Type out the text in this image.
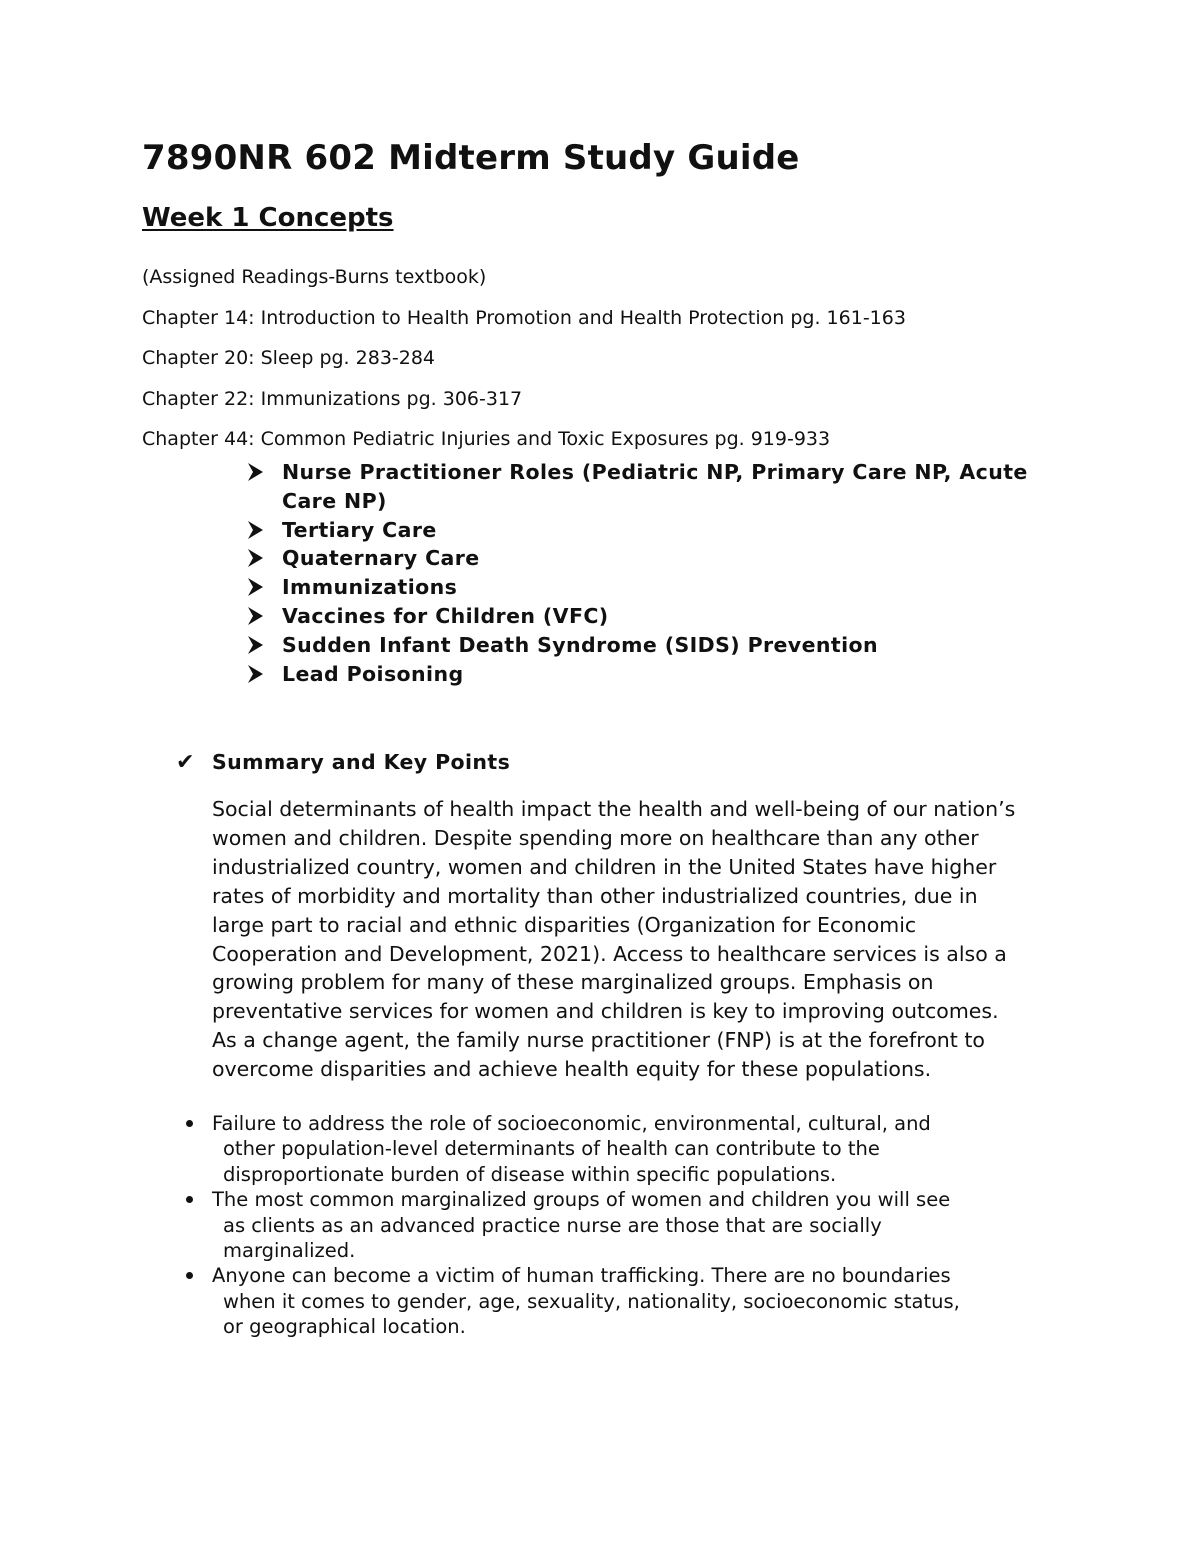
7890NR 602 Midterm Study Guide
Week 1 Concepts
(Assigned Readings-Burns textbook)
Chapter 14: Introduction to Health Promotion and Health Protection pg. 161-163
Chapter 20: Sleep pg. 283-284
Chapter 22: Immunizations pg. 306-317
Chapter 44: Common Pediatric Injuries and Toxic Exposures pg. 919-933
Nurse Practitioner Roles (Pediatric NP, Primary Care NP, Acute Care NP)
Tertiary Care
Quaternary Care
Immunizations
Vaccines for Children (VFC)
Sudden Infant Death Syndrome (SIDS) Prevention
Lead Poisoning
✔ Summary and Key Points

Social determinants of health impact the health and well-being of our nation’s
women and children. Despite spending more on healthcare than any other
industrialized country, women and children in the United States have higher
rates of morbidity and mortality than other industrialized countries, due in
large part to racial and ethnic disparities (Organization for Economic
Cooperation and Development, 2021). Access to healthcare services is also a
growing problem for many of these marginalized groups. Emphasis on
preventative services for women and children is key to improving outcomes.
As a change agent, the family nurse practitioner (FNP) is at the forefront to
overcome disparities and achieve health equity for these populations.

Failure to address the role of socioeconomic, environmental, cultural, and
other population-level determinants of health can contribute to the
disproportionate burden of disease within specific populations.
The most common marginalized groups of women and children you will see
as clients as an advanced practice nurse are those that are socially
marginalized.
Anyone can become a victim of human trafficking. There are no boundaries
when it comes to gender, age, sexuality, nationality, socioeconomic status,
or geographical location.
